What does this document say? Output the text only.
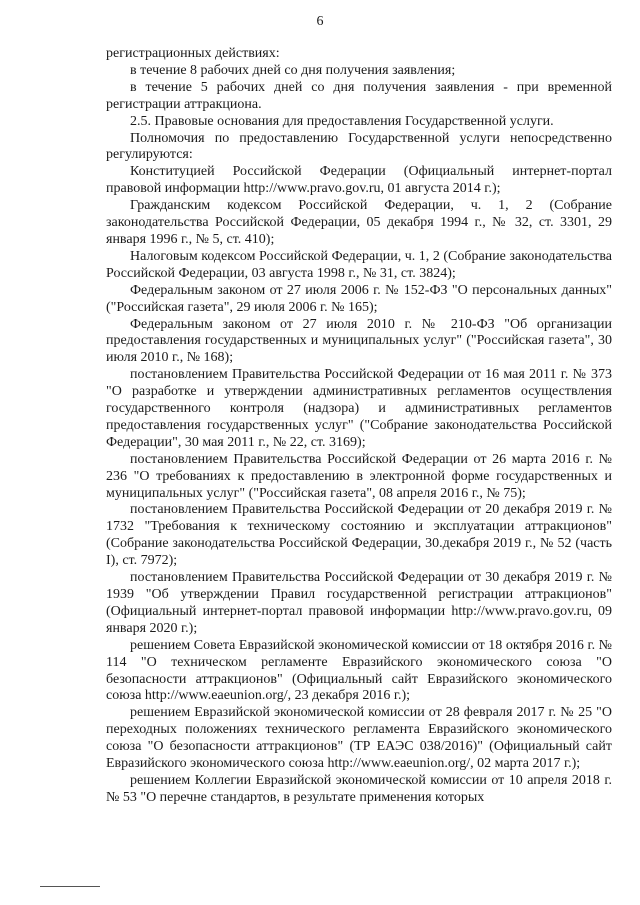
6

регистрационных действиях:

в течение 8 рабочих дней со дня получения заявления;

в течение 5 рабочих дней со дня получения заявления - при временной регистрации аттракциона.

2.5. Правовые основания для предоставления Государственной услуги.

Полномочия по предоставлению Государственной услуги непосредственно регулируются:

Конституцией Российской Федерации (Официальный интернет-портал правовой информации http://www.pravo.gov.ru, 01 августа 2014 г.);

Гражданским кодексом Российской Федерации, ч. 1, 2 (Собрание законодательства Российской Федерации, 05 декабря 1994 г., № 32, ст. 3301, 29 января 1996 г., № 5, ст. 410);

Налоговым кодексом Российской Федерации, ч. 1, 2 (Собрание законодательства Российской Федерации, 03 августа 1998 г., № 31, ст. 3824);

Федеральным законом от 27 июля 2006 г. № 152-ФЗ "О персональных данных" ("Российская газета", 29 июля 2006 г. № 165);

Федеральным законом от 27 июля 2010 г. № 210-ФЗ "Об организации предоставления государственных и муниципальных услуг" ("Российская газета", 30 июля 2010 г., № 168);

постановлением Правительства Российской Федерации от 16 мая 2011 г. № 373 "О разработке и утверждении административных регламентов осуществления государственного контроля (надзора) и административных регламентов предоставления государственных услуг" ("Собрание законодательства Российской Федерации", 30 мая 2011 г., № 22, ст. 3169);

постановлением Правительства Российской Федерации от 26 марта 2016 г. № 236 "О требованиях к предоставлению в электронной форме государственных и муниципальных услуг" ("Российская газета", 08 апреля 2016 г., № 75);

постановлением Правительства Российской Федерации от 20 декабря 2019 г. № 1732 "Требования к техническому состоянию и эксплуатации аттракционов" (Собрание законодательства Российской Федерации, 30.декабря 2019 г., № 52 (часть I), ст. 7972);

постановлением Правительства Российской Федерации от 30 декабря 2019 г. № 1939 "Об утверждении Правил государственной регистрации аттракционов" (Официальный интернет-портал правовой информации http://www.pravo.gov.ru, 09 января 2020 г.);

решением Совета Евразийской экономической комиссии от 18 октября 2016 г. № 114 "О техническом регламенте Евразийского экономического союза "О безопасности аттракционов" (Официальный сайт Евразийского экономического союза http://www.eaeunion.org/, 23 декабря 2016 г.);

решением Евразийской экономической комиссии от 28 февраля 2017 г. № 25 "О переходных положениях технического регламента Евразийского экономического союза "О безопасности аттракционов" (ТР ЕАЭС 038/2016)" (Официальный сайт Евразийского экономического союза http://www.eaeunion.org/, 02 марта 2017 г.);

решением Коллегии Евразийской экономической комиссии от 10 апреля 2018 г. № 53 "О перечне стандартов, в результате применения которых
